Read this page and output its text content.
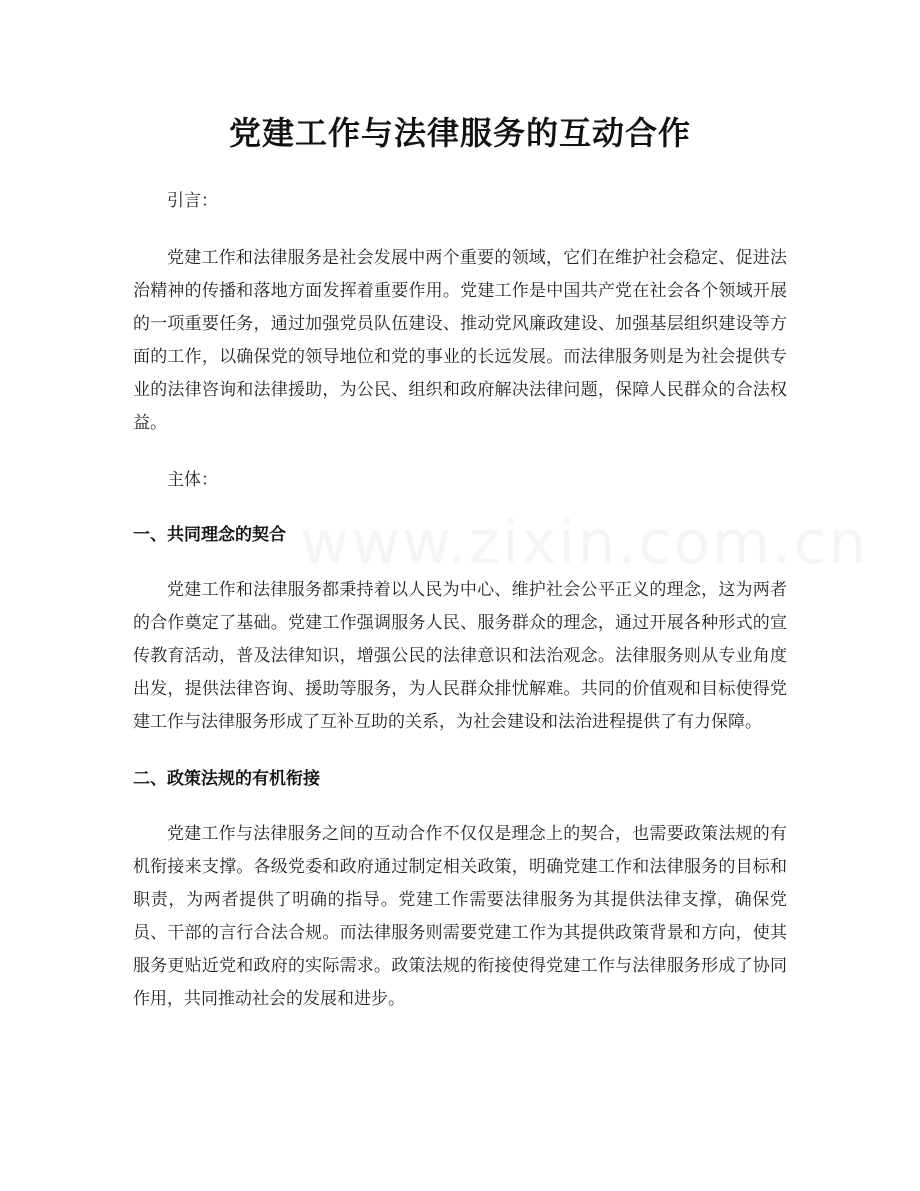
党建工作与法律服务的互动合作

引言：

党建工作和法律服务是社会发展中两个重要的领域，它们在维护社会稳定、促进法治精神的传播和落地方面发挥着重要作用。党建工作是中国共产党在社会各个领域开展的一项重要任务，通过加强党员队伍建设、推动党风廉政建设、加强基层组织建设等方面的工作，以确保党的领导地位和党的事业的长远发展。而法律服务则是为社会提供专业的法律咨询和法律援助，为公民、组织和政府解决法律问题，保障人民群众的合法权益。

主体：

一、共同理念的契合

党建工作和法律服务都秉持着以人民为中心、维护社会公平正义的理念，这为两者的合作奠定了基础。党建工作强调服务人民、服务群众的理念，通过开展各种形式的宣传教育活动，普及法律知识，增强公民的法律意识和法治观念。法律服务则从专业角度出发，提供法律咨询、援助等服务，为人民群众排忧解难。共同的价值观和目标使得党建工作与法律服务形成了互补互助的关系，为社会建设和法治进程提供了有力保障。

二、政策法规的有机衔接

党建工作与法律服务之间的互动合作不仅仅是理念上的契合，也需要政策法规的有机衔接来支撑。各级党委和政府通过制定相关政策，明确党建工作和法律服务的目标和职责，为两者提供了明确的指导。党建工作需要法律服务为其提供法律支撑，确保党员、干部的言行合法合规。而法律服务则需要党建工作为其提供政策背景和方向，使其服务更贴近党和政府的实际需求。政策法规的衔接使得党建工作与法律服务形成了协同作用，共同推动社会的发展和进步。

www.zixin.com.cn
